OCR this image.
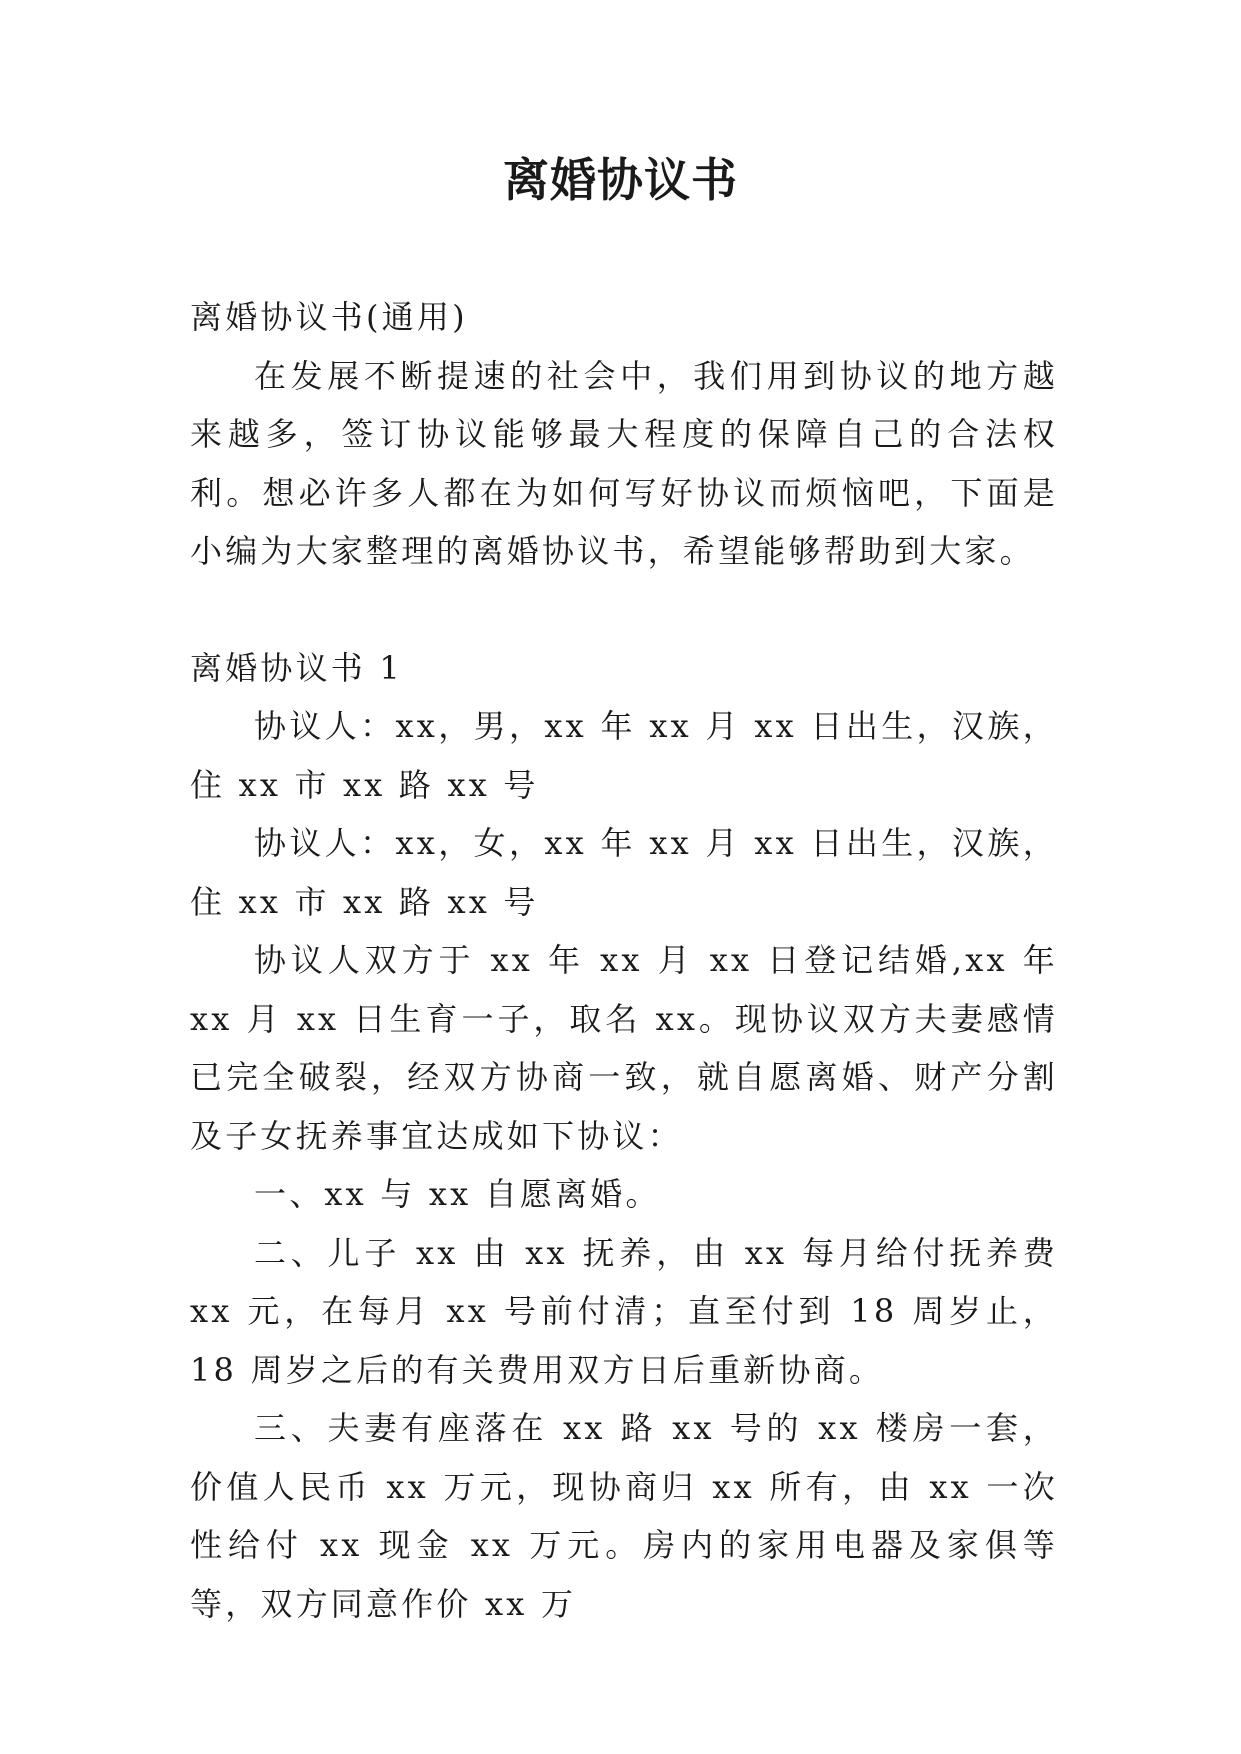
离婚协议书

离婚协议书(通用)

在发展不断提速的社会中，我们用到协议的地方越来越多，签订协议能够最大程度的保障自己的合法权利。想必许多人都在为如何写好协议而烦恼吧，下面是小编为大家整理的离婚协议书，希望能够帮助到大家。

离婚协议书 1

协议人：xx，男，xx 年 xx 月 xx 日出生，汉族，住 xx 市 xx 路 xx 号

协议人：xx，女，xx 年 xx 月 xx 日出生，汉族，住 xx 市 xx 路 xx 号

协议人双方于 xx 年 xx 月 xx 日登记结婚,xx 年 xx 月 xx 日生育一子，取名 xx。现协议双方夫妻感情已完全破裂，经双方协商一致，就自愿离婚、财产分割及子女抚养事宜达成如下协议：

一、xx 与 xx 自愿离婚。

二、儿子 xx 由 xx 抚养，由 xx 每月给付抚养费 xx 元，在每月 xx 号前付清；直至付到 18 周岁止，18 周岁之后的有关费用双方日后重新协商。

三、夫妻有座落在 xx 路 xx 号的 xx 楼房一套，价值人民币 xx 万元，现协商归 xx 所有，由 xx 一次性给付 xx 现金 xx 万元。房内的家用电器及家俱等等，双方同意作价 xx 万
